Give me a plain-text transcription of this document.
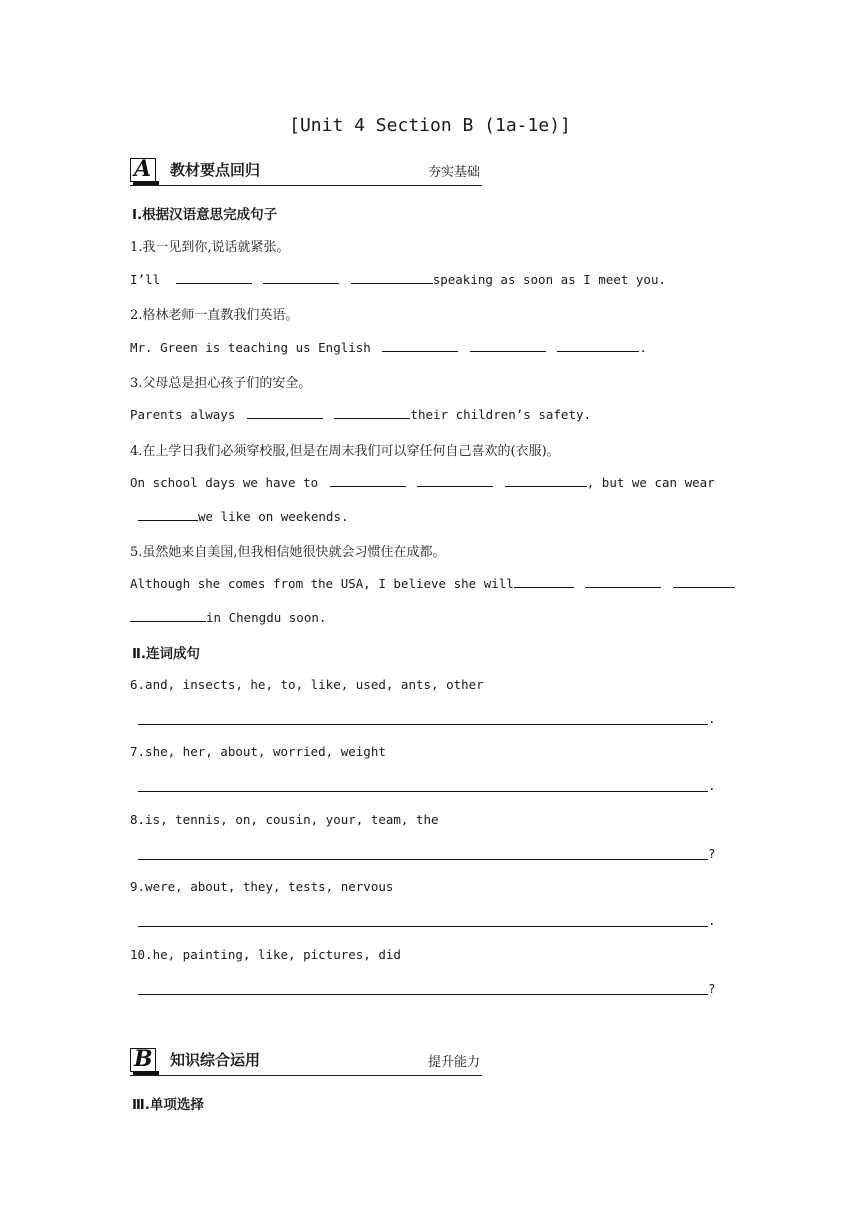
[Unit 4 Section B (1a-1e)]
A 教材要点回归	夯实基础
Ⅰ.根据汉语意思完成句子
1.我一见到你,说话就紧张。
I’ll	speaking as soon as I meet you.
2.格林老师一直教我们英语。
Mr. Green is teaching us English	.
3.父母总是担心孩子们的安全。
Parents always	their children’s safety.
4.在上学日我们必须穿校服,但是在周末我们可以穿任何自己喜欢的(衣服)。
On school days we have to	, but we can wear
we like on weekends.
5.虽然她来自美国,但我相信她很快就会习惯住在成都。
Although she comes from the USA, I believe she will
in Chengdu soon.
Ⅱ.连词成句
6.and, insects, he, to, like, used, ants, other
.
7.she, her, about, worried, weight
.
8.is, tennis, on, cousin, your, team, the
?
9.were, about, they, tests, nervous
.
10.he, painting, like, pictures, did
?
B 知识综合运用	提升能力
Ⅲ.单项选择
